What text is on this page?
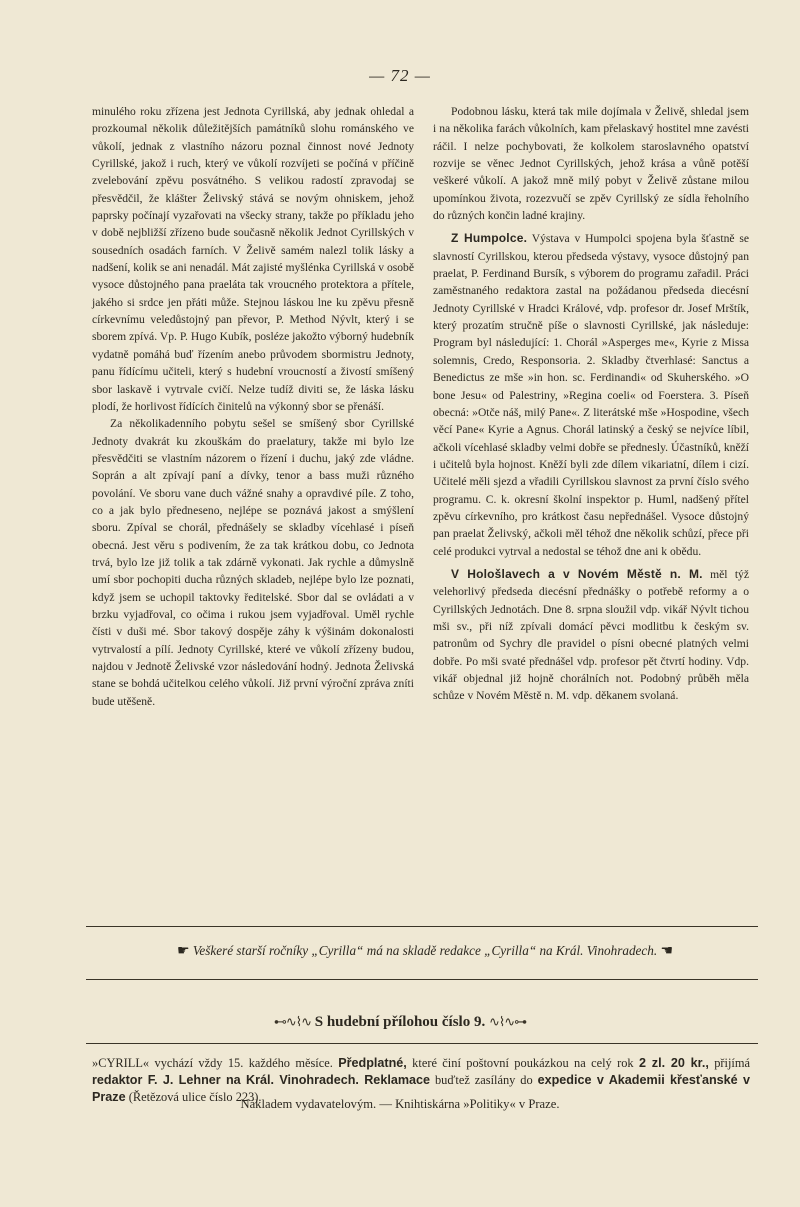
— 72 —

minulého roku zřízena jest Jednota Cyrillská, aby jednak ohledal a prozkoumal několik důležitějších památníků slohu románského ve vůkolí, jednak z vlastního názoru poznal činnost nové Jednoty Cyrillské, jakož i ruch, který ve vůkolí rozvíjeti se počíná v příčině zvelebování zpěvu posvátného. S velikou radostí zpravodaj se přesvědčil, že klášter Želivský stává se novým ohniskem, jehož paprsky počínají vyzařovati na všecky strany, takže po příkladu jeho v době nejbližší zřízeno bude současně několik Jednot Cyrillských v sousedních osadách farních. V Želivě samém nalezl tolik lásky a nadšení, kolik se ani nenadál. Mát zajisté myšlénka Cyrillská v osobě vysoce důstojného pana praeláta tak vroucného protektora a přítele, jakého si srdce jen přáti může. Stejnou láskou lne ku zpěvu přesně církevnímu veledůstojný pan převor, P. Method Nývlt, který i se sborem zpívá. Vp. P. Hugo Kubík, posléze jakožto výborný hudebník vydatně pomáhá buď řízením anebo průvodem sbormistru Jednoty, panu řídícímu učiteli, který s hudební vroucností a živostí smíšený sbor laskavě i vytrvale cvičí. Nelze tudíž diviti se, že láska lásku plodí, že horlivost řídících činitelů na výkonný sbor se přenáší.

Za několikadenního pobytu sešel se smíšený sbor Cyrillské Jednoty dvakrát ku zkouškám do praelatury, takže mi bylo lze přesvědčiti se vlastním názorem o řízení i duchu, jaký zde vládne. Soprán a alt zpívají paní a dívky, tenor a bass muži různého povolání. Ve sboru vane duch vážné snahy a opravdivé píle. Z toho, co a jak bylo předneseno, nejlépe se poznává jakost a smýšlení sboru. Zpíval se chorál, přednášely se skladby vícehlasé i píseň obecná. Jest věru s podivením, že za tak krátkou dobu, co Jednota trvá, bylo lze již tolik a tak zdárně vykonati. Jak rychle a důmyslně umí sbor pochopiti ducha různých skladeb, nejlépe bylo lze poznati, když jsem se uchopil taktovky ředitelské. Sbor dal se ovládati a v brzku vyjadřoval, co očima i rukou jsem vyjadřoval. Uměl rychle čísti v duši mé. Sbor takový dospěje záhy k výšinám dokonalosti vytrvalostí a pílí. Jednoty Cyrillské, které ve vůkolí zřízeny budou, najdou v Jednotě Želivské vzor následování hodný. Jednota Želivská stane se bohdá učitelkou celého vůkolí. Již první výroční zpráva zníti bude utěšeně.

Podobnou lásku, která tak mile dojímala v Želivě, shledal jsem i na několika farách vůkolních, kam přelaskavý hostitel mne zavésti ráčil. I nelze pochybovati, že kolkolem staroslavného opatství rozvije se věnec Jednot Cyrillských, jehož krása a vůně potěší veškeré vůkolí. A jakož mně milý pobyt v Želivě zůstane milou upomínkou života, rozezvučí se zpěv Cyrillský ze sídla řeholního do různých končin ladné krajiny.

Z Humpolce. Výstava v Humpolci spojena byla šťastně se slavností Cyrillskou, kterou předseda výstavy, vysoce důstojný pan praelat, P. Ferdinand Bursík, s výborem do programu zařadil. Práci zaměstnaného redaktora zastal na požádanou předseda diecésní Jednoty Cyrillské v Hradci Králové, vdp. profesor dr. Josef Mrštík, který prozatím stručně píše o slavnosti Cyrillské, jak následuje: Program byl následující: 1. Chorál »Asperges me«, Kyrie z Missa solemnis, Credo, Responsoria. 2. Skladby čtverhlasé: Sanctus a Benedictus ze mše »in hon. sc. Ferdinandi« od Skuherského. »O bone Jesu« od Palestriny, »Regina coeli« od Foerstera. 3. Píseň obecná: »Otče náš, milý Pane«. Z literátské mše »Hospodine, všech věcí Pane« Kyrie a Agnus. Chorál latinský a český se nejvíce líbil, ačkoli vícehlasé skladby velmi dobře se přednesly. Účastníků, kněží i učitelů byla hojnost. Kněží byli zde dílem vikariatní, dílem i cizí. Učitelé měli sjezd a vřadili Cyrillskou slavnost za první číslo svého programu. C. k. okresní školní inspektor p. Huml, nadšený přítel zpěvu církevního, pro krátkost času nepřednášel. Vysoce důstojný pan praelat Želivský, ačkoli měl téhož dne několik schůzí, přece při celé produkci vytrval a nedostal se téhož dne ani k obědu.

V Hološlavech a v Novém Městě n. M. měl týž velehorlivý předseda diecésní přednášky o potřebě reformy a o Cyrillských Jednotách. Dne 8. srpna sloužil vdp. vikář Nývlt tichou mši sv., při níž zpívali domácí pěvci modlitbu k českým sv. patronům od Sychry dle pravidel o písni obecné platných velmi dobře. Po mši svaté přednášel vdp. profesor pět čtvrtí hodiny. Vdp. vikář objednal již hojně chorálních not. Podobný průběh měla schůze v Novém Městě n. M. vdp. děkanem svolaná.

☛ Veškeré starší ročníky „Cyrilla“ má na skladě redakce „Cyrilla“ na Král. Vinohradech. ☚
⊷∿⌇∿ S hudební přílohou číslo 9. ∿⌇∿⊶
»CYRILL« vychází vždy 15. každého měsíce. Předplatné, které činí poštovní poukázkou na celý rok 2 zl. 20 kr., přijímá redaktor F. J. Lehner na Král. Vinohradech. Reklamace buďtež zasílány do expedice v Akademii křesťanské v Praze (Řetězová ulice číslo 223).
Nákladem vydavatelovým. — Knihtiskárna »Politiky« v Praze.
